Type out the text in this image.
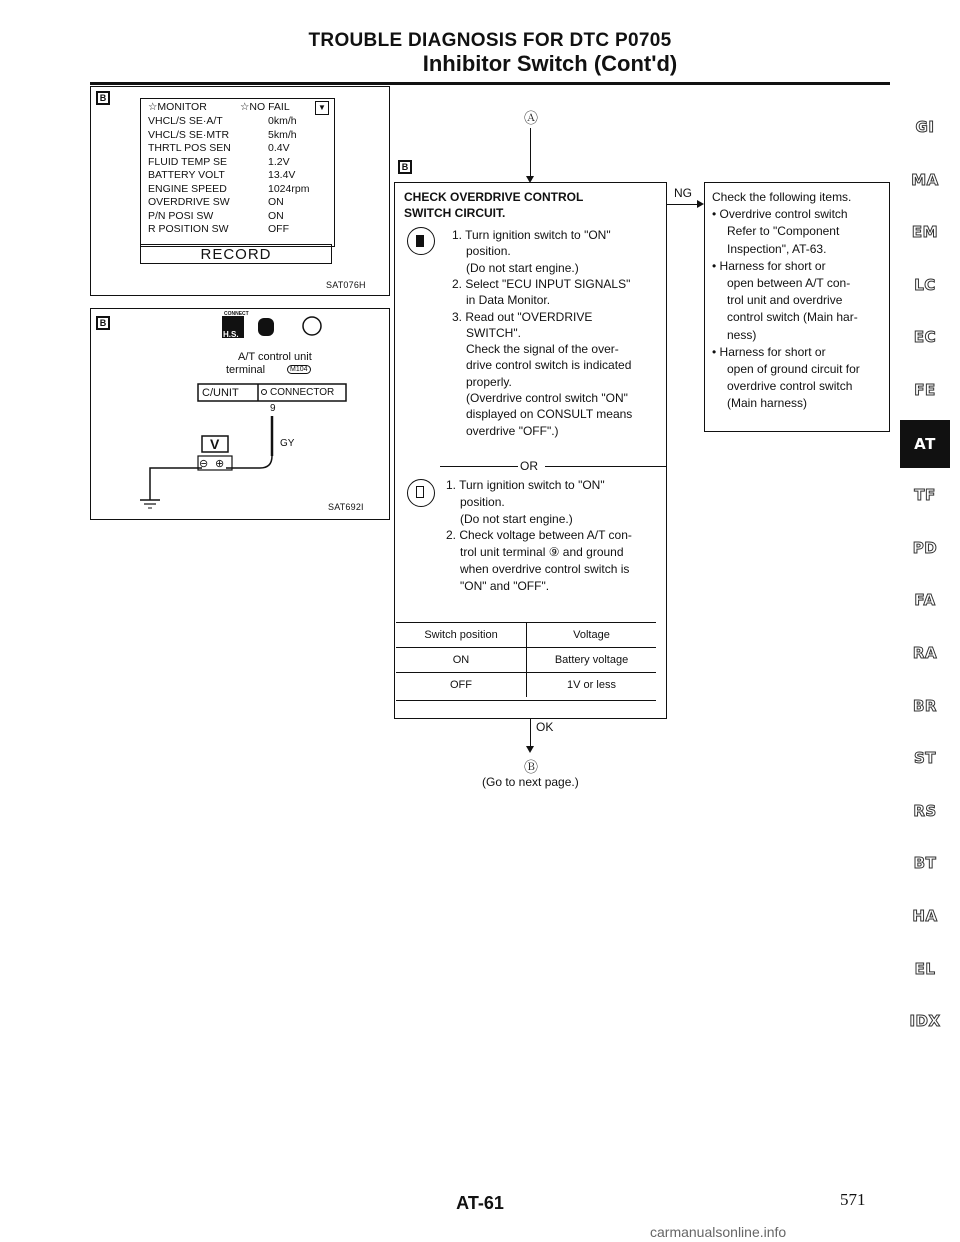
TROUBLE DIAGNOSIS FOR DTC P0705
Inhibitor Switch (Cont'd)
B
B
☆MONITOR	☆NO FAIL	▼
VHCL/S SE·A/T	0km/h
VHCL/S SE·MTR	5km/h
THRTL POS SEN	0.4V
FLUID TEMP SE	1.2V
BATTERY VOLT	13.4V
ENGINE SPEED	1024rpm
OVERDRIVE SW	ON
P/N POSI SW	ON
R POSITION SW	OFF
RECORD
SAT076H
CONNECT
H.S.
A/T control unit
terminal	M104
C/UNIT	CONNECTOR
9
GY
V
⊖ ⊕
SAT692I
Ⓐ
B
CHECK OVERDRIVE CONTROL
SWITCH CIRCUIT.
1. Turn ignition switch to "ON"
position.
(Do not start engine.)
2. Select "ECU INPUT SIGNALS"
in Data Monitor.
3. Read out "OVERDRIVE
SWITCH".
Check the signal of the over-
drive control switch is indicated
properly.
(Overdrive control switch "ON"
displayed on CONSULT means
overdrive "OFF".)
OR
1. Turn ignition switch to "ON"
position.
(Do not start engine.)
2. Check voltage between A/T con-
trol unit terminal ⑨ and ground
when overdrive control switch is
"ON" and "OFF".
Switch position	Voltage
ON	Battery voltage
OFF	1V or less
NG Check the following items.
• Overdrive control switch
Refer to "Component
Inspection", AT-63.
• Harness for short or
open between A/T con-
trol unit and overdrive
control switch (Main har-
ness)
• Harness for short or
open of ground circuit for
overdrive control switch
(Main harness)
OK
Ⓑ
(Go to next page.)
GI
MA
EM
LC
EC
FE
AT
TF
PD
FA
RA
BR
ST
RS
BT
HA
EL
IDX
AT-61	571
carmanualsonline.info
